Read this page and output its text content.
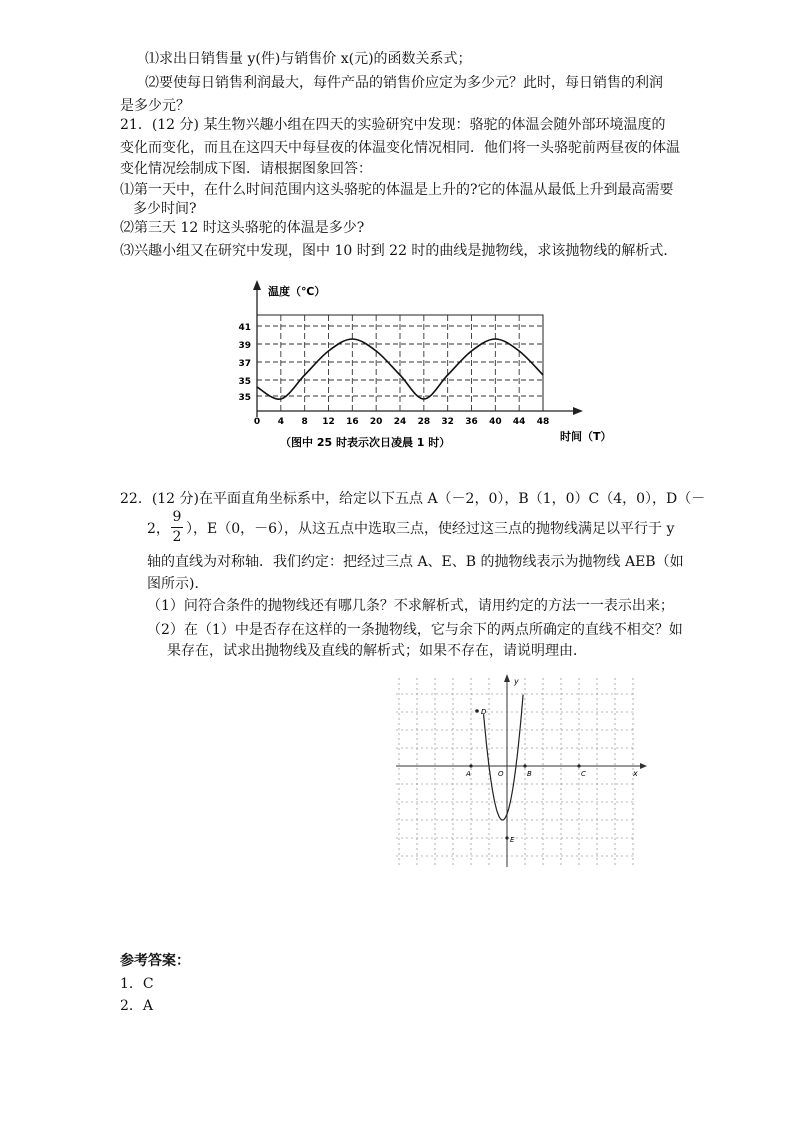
⑴求出日销售量 y(件)与销售价 x(元)的函数关系式；
⑵要使每日销售利润最大，每件产品的销售价应定为多少元？此时，每日销售的利润
是多少元？
21．(12 分) 某生物兴趣小组在四天的实验研究中发现：骆驼的体温会随外部环境温度的
变化而变化，而且在这四天中每昼夜的体温变化情况相同．他们将一头骆驼前两昼夜的体温
变化情况绘制成下图．请根据图象回答：
⑴第一天中，在什么时间范围内这头骆驼的体温是上升的?它的体温从最低上升到最高需要
多少时间?
⑵第三天 12 时这头骆驼的体温是多少?
⑶兴趣小组又在研究中发现，图中 10 时到 22 时的曲线是抛物线，求该抛物线的解析式．
41
39
37
35
35
0 4 8 12 16 20 24 28 32 36 40 44 48
温度（℃）
时间（T）
（图中 25 时表示次日凌晨 1 时）
22．(12 分)在平面直角坐标系中，给定以下五点 A（－2，0），B（1，0）C（4，0），D（－
2，
9
2 ），E（0，－6），从这五点中选取三点，使经过这三点的抛物线满足以平行于 y
轴的直线为对称轴．我们约定：把经过三点 A、E、B 的抛物线表示为抛物线 AEB（如
图所示)．
（1）问符合条件的抛物线还有哪几条？不求解析式，请用约定的方法一一表示出来；
（2）在（1）中是否存在这样的一条抛物线，它与余下的两点所确定的直线不相交？如
果存在，试求出抛物线及直线的解析式；如果不存在，请说明理由．
y
x
O
A	B	C
D
E
参考答案：
1．C
2．A
